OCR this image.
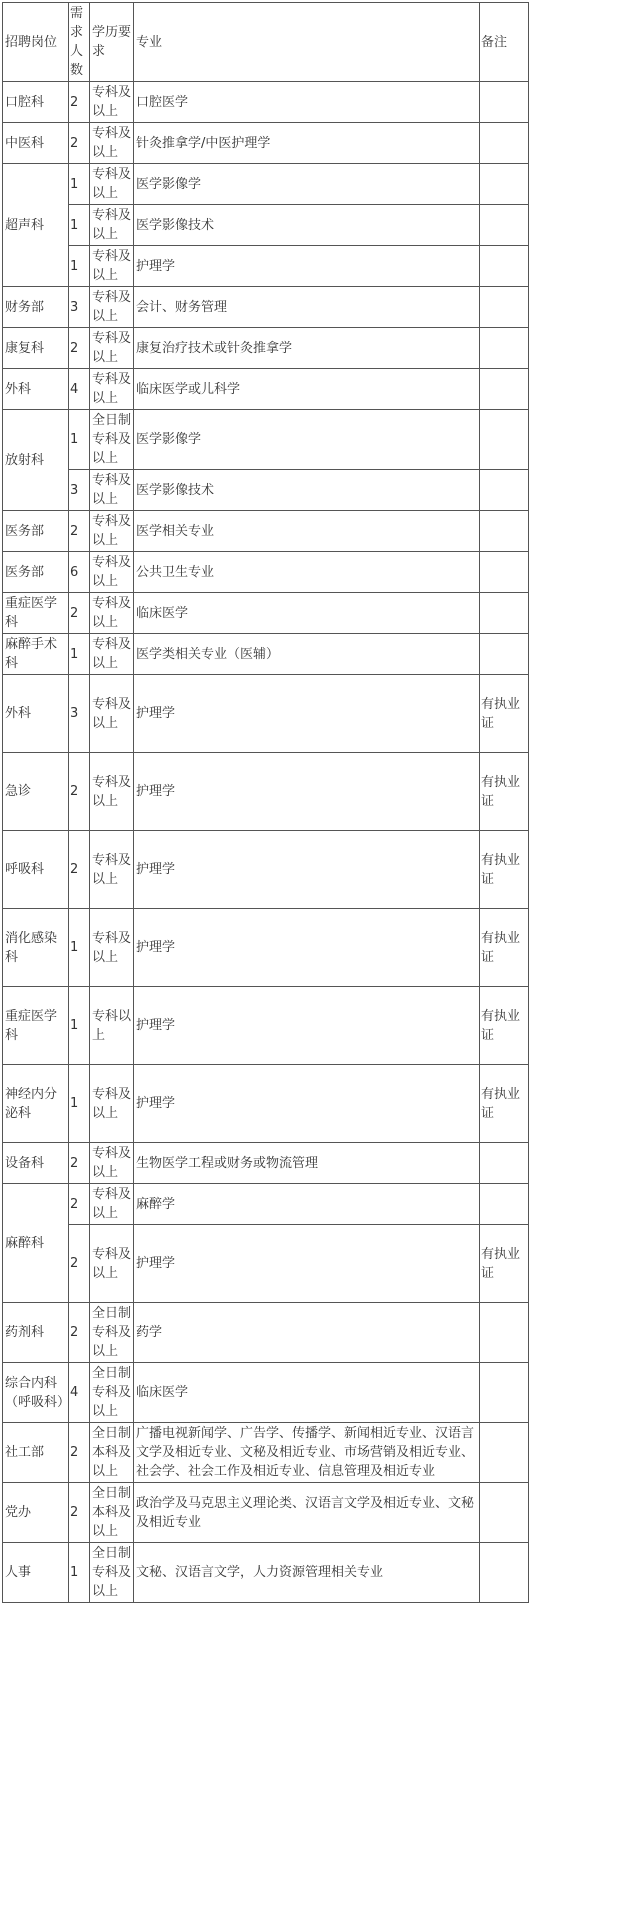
招聘岗位	需求人数	学历要求	专业	备注
口腔科	2	专科及以上	口腔医学	
中医科	2	专科及以上	针灸推拿学/中医护理学	
超声科	1	专科及以上	医学影像学	
	1	专科及以上	医学影像技术	
	1	专科及以上	护理学	
财务部	3	专科及以上	会计、财务管理	
康复科	2	专科及以上	康复治疗技术或针灸推拿学	
外科	4	专科及以上	临床医学或儿科学	
放射科	1	全日制专科及以上	医学影像学	
	3	专科及以上	医学影像技术	
医务部	2	专科及以上	医学相关专业	
医务部	6	专科及以上	公共卫生专业	
重症医学科	2	专科及以上	临床医学	
麻醉手术科	1	专科及以上	医学类相关专业（医辅）	
外科	3	专科及以上	护理学	有执业证
急诊	2	专科及以上	护理学	有执业证
呼吸科	2	专科及以上	护理学	有执业证
消化感染科	1	专科及以上	护理学	有执业证
重症医学科	1	专科以上	护理学	有执业证
神经内分泌科	1	专科及以上	护理学	有执业证
设备科	2	专科及以上	生物医学工程或财务或物流管理	
麻醉科	2	专科及以上	麻醉学	
	2	专科及以上	护理学	有执业证
药剂科	2	全日制专科及以上	药学	
综合内科（呼吸科）	4	全日制专科及以上	临床医学	
社工部	2	全日制本科及以上	广播电视新闻学、广告学、传播学、新闻相近专业、汉语言文学及相近专业、文秘及相近专业、市场营销及相近专业、社会学、社会工作及相近专业、信息管理及相近专业	
党办	2	全日制本科及以上	政治学及马克思主义理论类、汉语言文学及相近专业、文秘及相近专业	
人事	1	全日制专科及以上	文秘、汉语言文学，人力资源管理相关专业	
